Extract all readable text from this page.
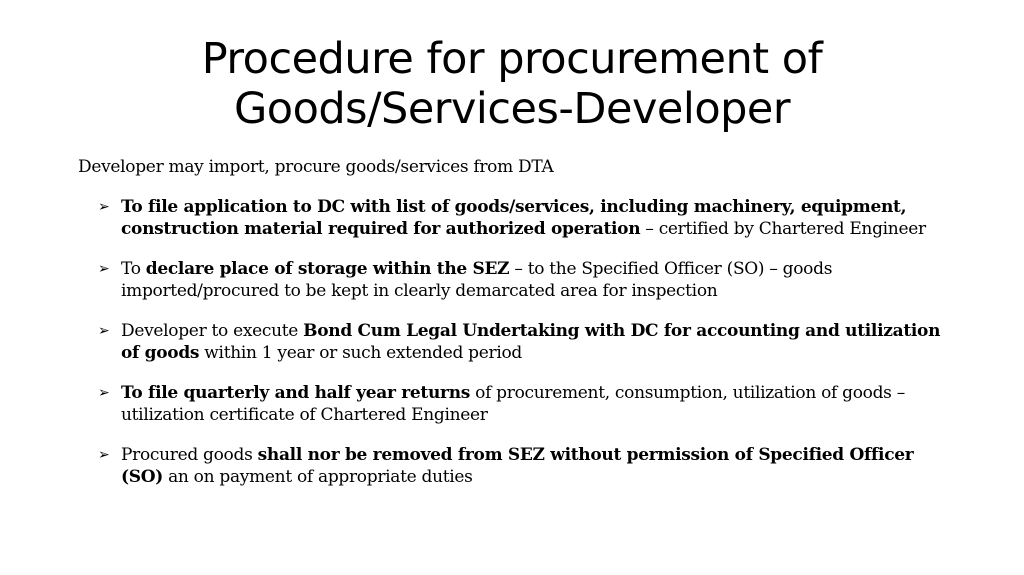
Procedure for procurement of
Goods/Services-Developer

Developer may import, procure goods/services from DTA

➢ To file application to DC with list of goods/services, including machinery, equipment, construction material required for authorized operation – certified by Chartered Engineer
➢ To declare place of storage within the SEZ – to the Specified Officer (SO) – goods imported/procured to be kept in clearly demarcated area for inspection
➢ Developer to execute Bond Cum Legal Undertaking with DC for accounting and utilization of goods within 1 year or such extended period
➢ To file quarterly and half year returns of procurement, consumption, utilization of goods – utilization certificate of Chartered Engineer
➢ Procured goods shall nor be removed from SEZ without permission of Specified Officer (SO) an on payment of appropriate duties
